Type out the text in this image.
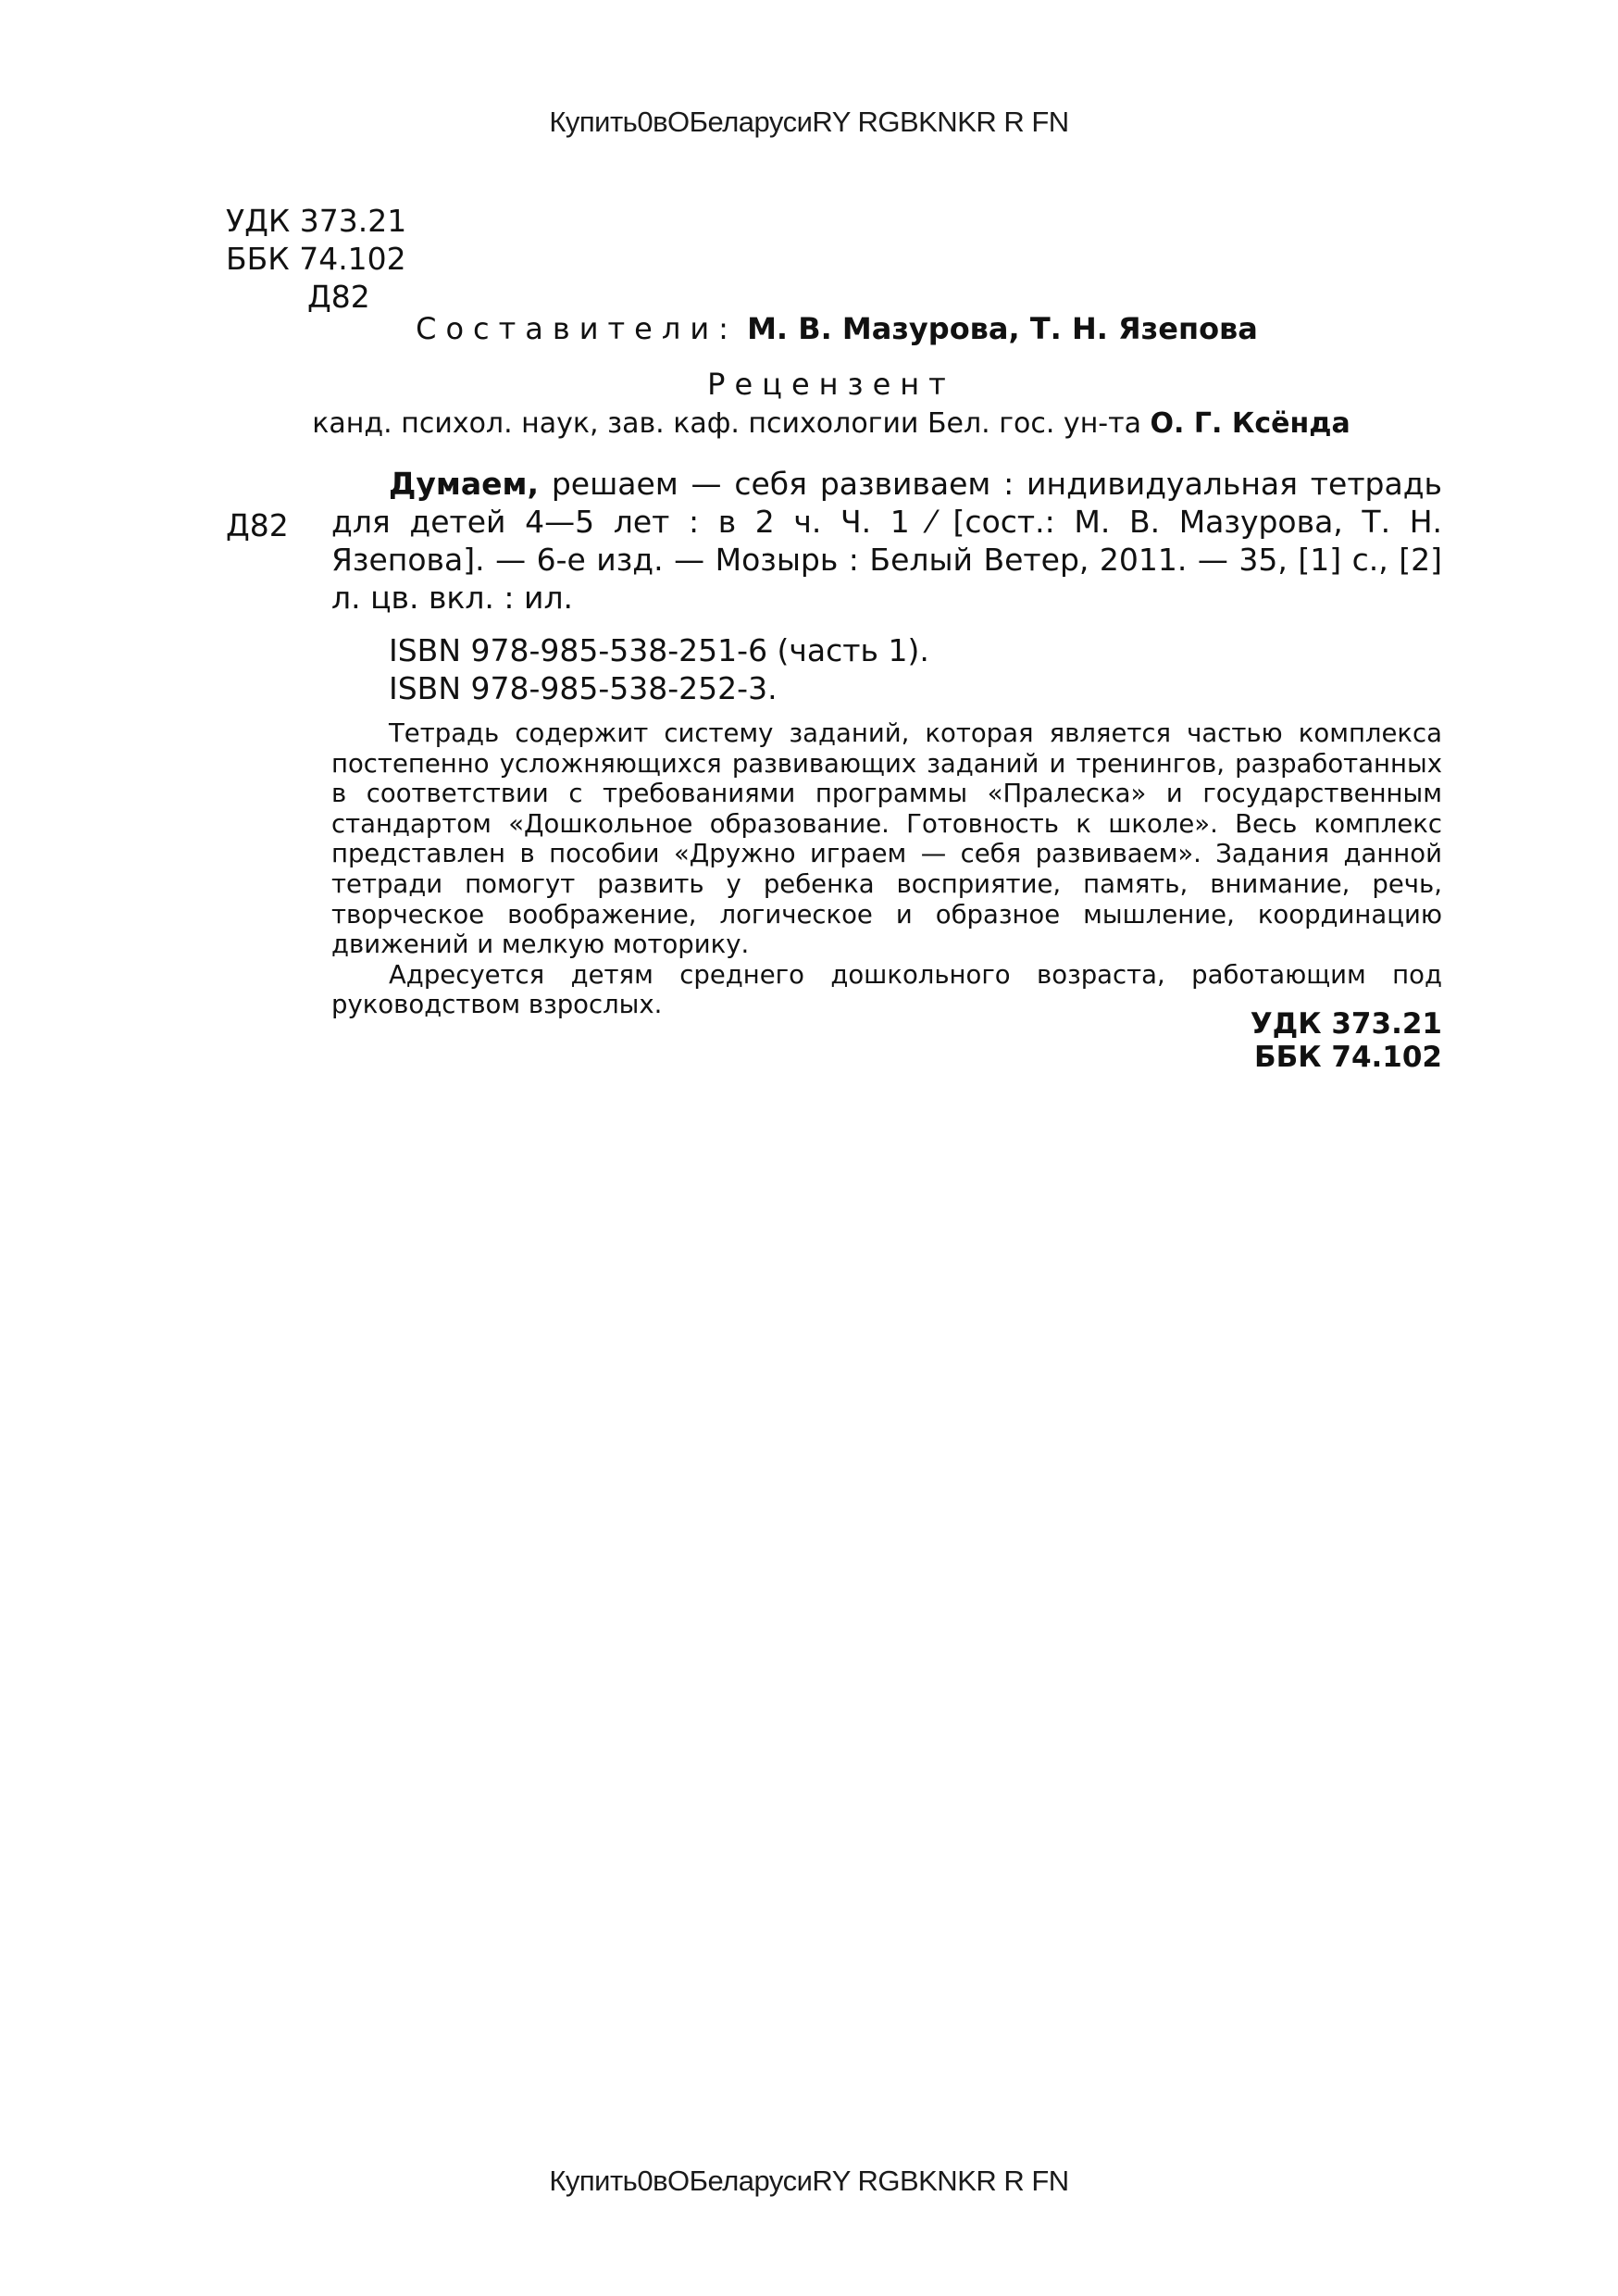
Купить0вОБеларусиRY RGBKNKR R FN
УДК 373.21
ББК 74.102
Д82
Составители: М. В. Мазурова, Т. Н. Язепова
Рецензент
канд. психол. наук, зав. каф. психологии Бел. гос. ун-та О. Г. Ксёнда
Д82
Думаем, решаем — себя развиваем : индивидуальная тетрадь для детей 4—5 лет : в 2 ч. Ч. 1 ⁄ [сост.: М. В. Мазурова, Т. Н. Язепова]. — 6-е изд. — Мозырь : Белый Ветер, 2011. — 35, [1] с., [2] л. цв. вкл. : ил.
ISBN 978-985-538-251-6 (часть 1).
ISBN 978-985-538-252-3.

Тетрадь содержит систему заданий, которая является частью комплекса постепенно усложняющихся развивающих заданий и тренингов, разработанных в соответствии с требованиями программы «Пралеска» и государственным стандартом «Дошкольное образование. Готовность к школе». Весь комплекс представлен в пособии «Дружно играем — себя развиваем». Задания данной тетради помогут развить у ребенка восприятие, память, внимание, речь, творческое воображение, логическое и образное мышление, координацию движений и мелкую моторику.

Адресуется детям среднего дошкольного возраста, работающим под руководством взрослых.

УДК 373.21
ББК 74.102
Купить0вОБеларусиRY RGBKNKR R FN
